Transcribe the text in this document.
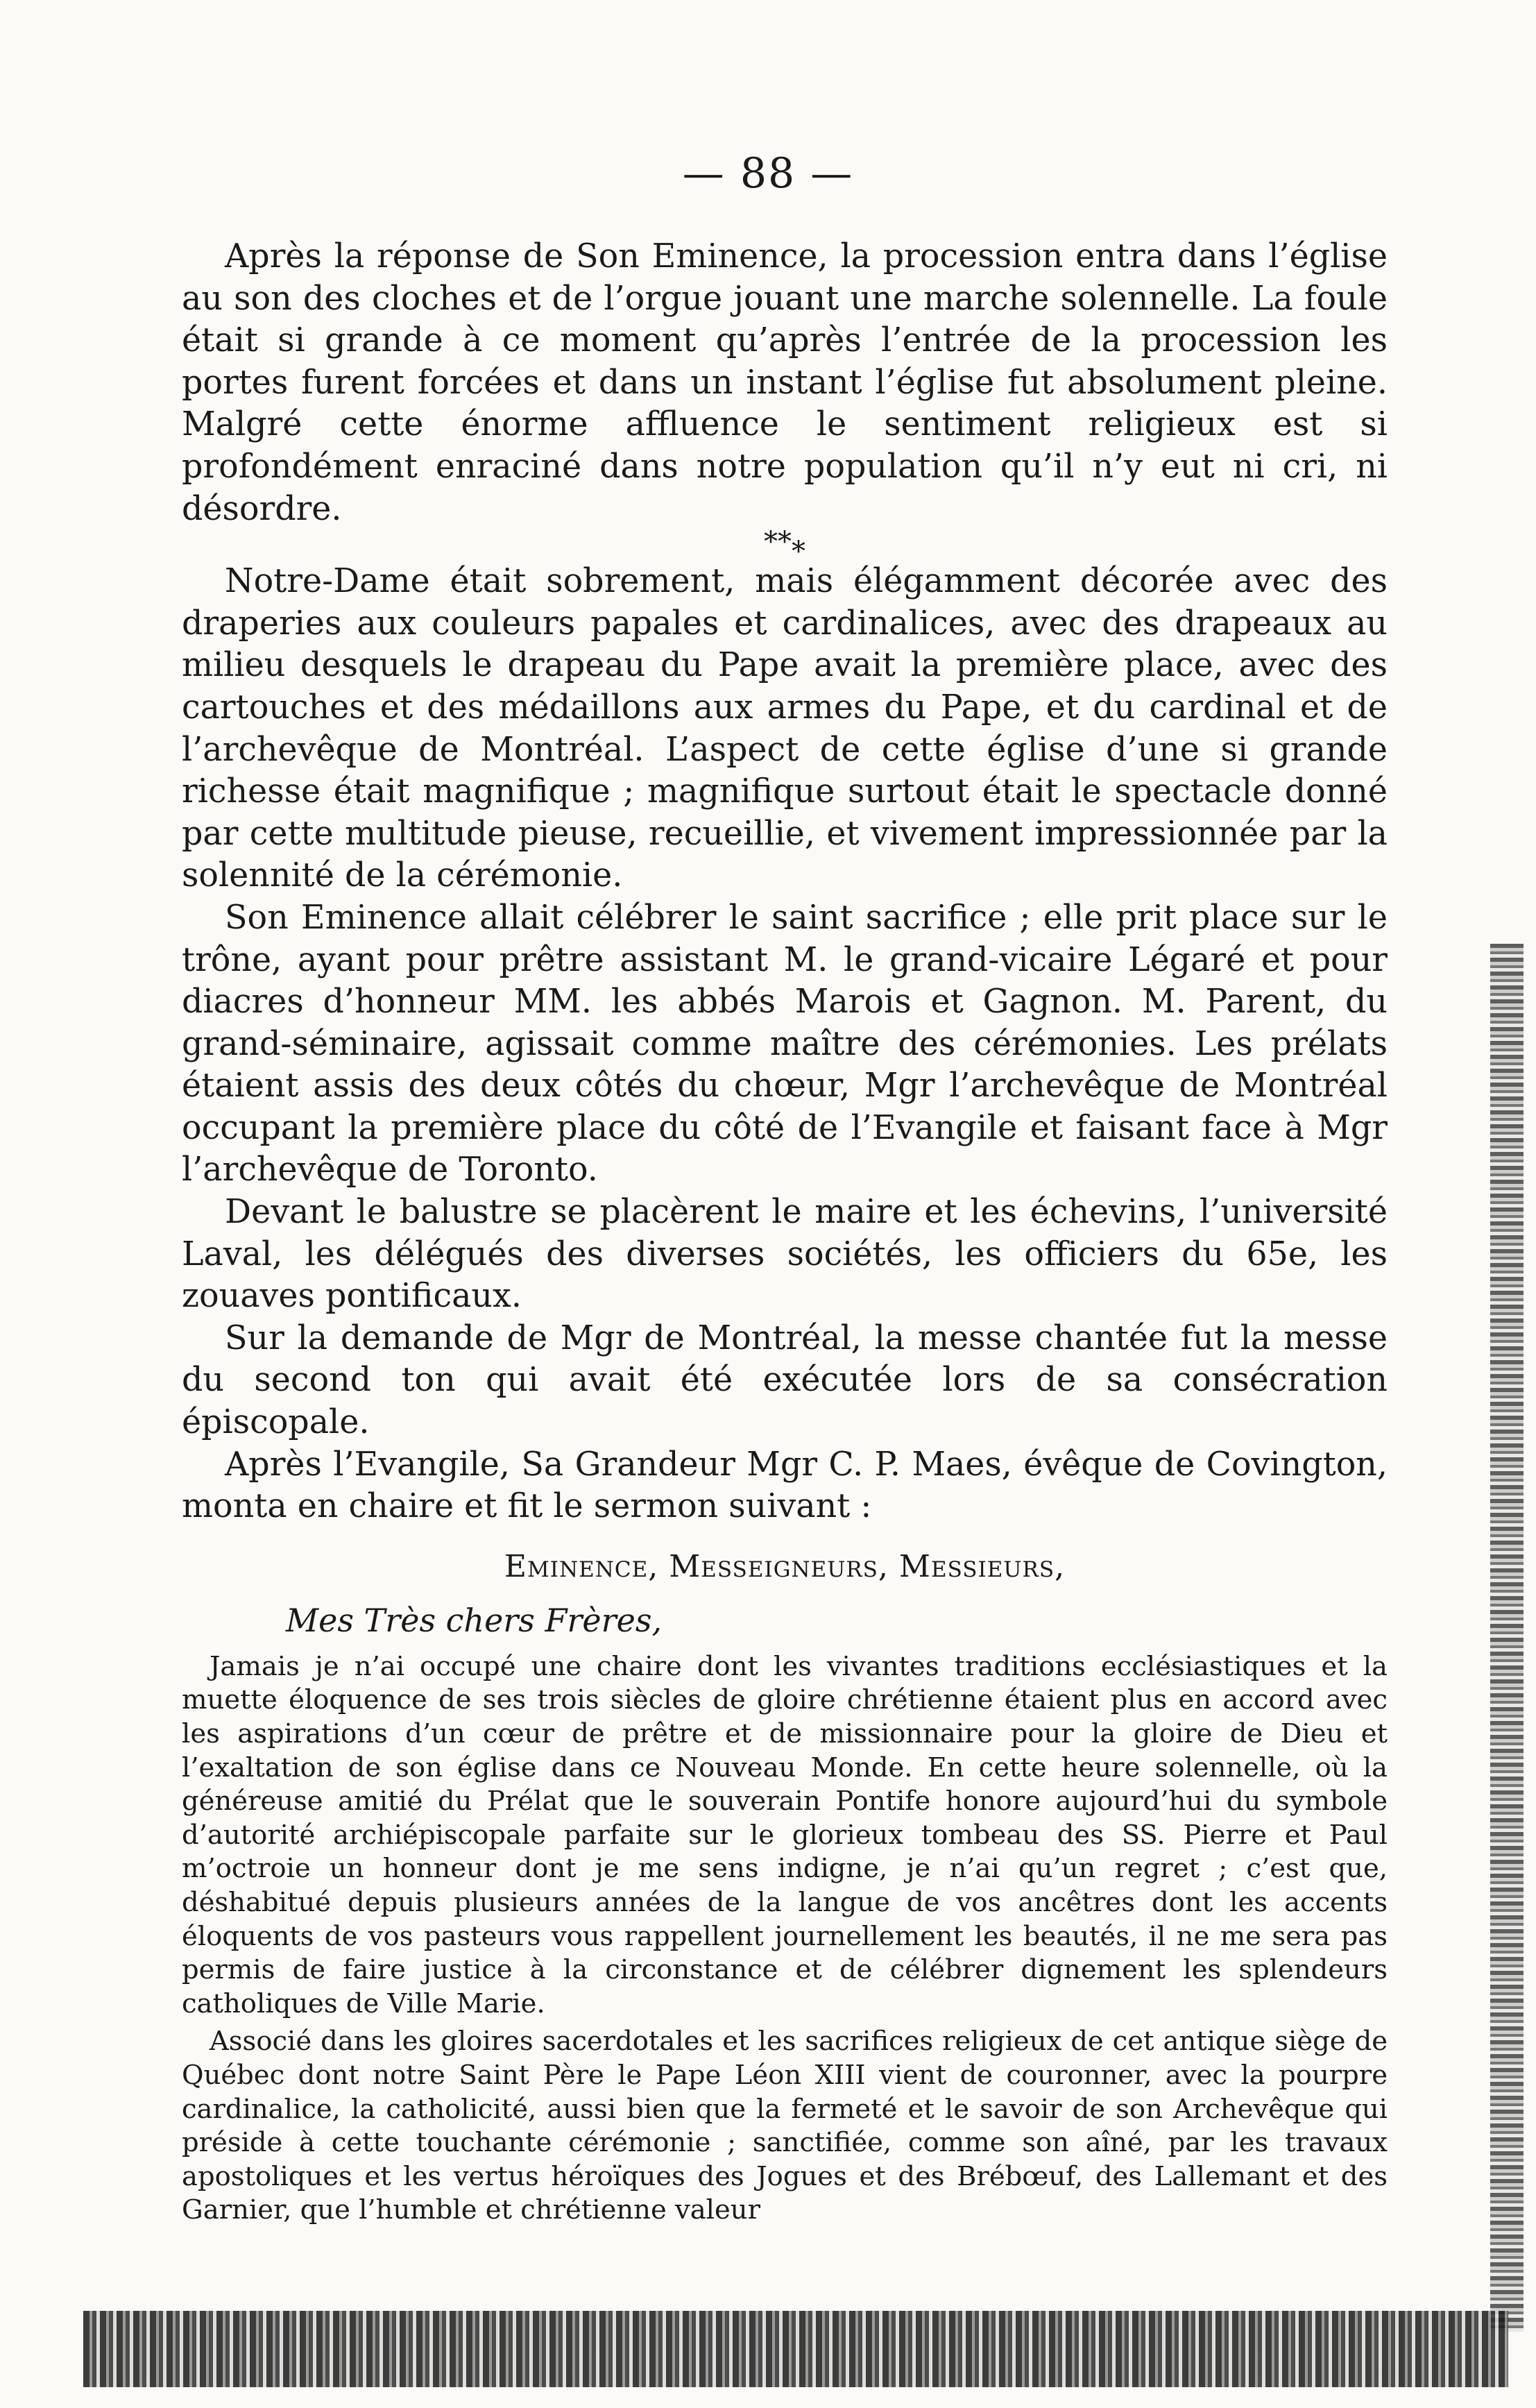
— 88 —

Après la réponse de Son Eminence, la procession entra dans l’église au son des cloches et de l’orgue jouant une marche solennelle. La foule était si grande à ce moment qu’après l’entrée de la procession les portes furent forcées et dans un instant l’église fut absolument pleine. Malgré cette énorme affluence le sentiment religieux est si profondément enraciné dans notre population qu’il n’y eut ni cri, ni désordre.

***

Notre-Dame était sobrement, mais élégamment décorée avec des draperies aux couleurs papales et cardinalices, avec des drapeaux au milieu desquels le drapeau du Pape avait la première place, avec des cartouches et des médaillons aux armes du Pape, et du cardinal et de l’archevêque de Montréal. L’aspect de cette église d’une si grande richesse était magnifique ; magnifique surtout était le spectacle donné par cette multitude pieuse, recueillie, et vivement impressionnée par la solennité de la cérémonie.

Son Eminence allait célébrer le saint sacrifice ; elle prit place sur le trône, ayant pour prêtre assistant M. le grand-vicaire Légaré et pour diacres d’honneur MM. les abbés Marois et Gagnon. M. Parent, du grand-séminaire, agissait comme maître des cérémonies. Les prélats étaient assis des deux côtés du chœur, Mgr l’archevêque de Montréal occupant la première place du côté de l’Evangile et faisant face à Mgr l’archevêque de Toronto.

Devant le balustre se placèrent le maire et les échevins, l’université Laval, les délégués des diverses sociétés, les officiers du 65e, les zouaves pontificaux.

Sur la demande de Mgr de Montréal, la messe chantée fut la messe du second ton qui avait été exécutée lors de sa consécration épiscopale.

Après l’Evangile, Sa Grandeur Mgr C. P. Maes, évêque de Covington, monta en chaire et fit le sermon suivant :

Eminence, Messeigneurs, Messieurs,
Mes Très chers Frères,

Jamais je n’ai occupé une chaire dont les vivantes traditions ecclésiastiques et la muette éloquence de ses trois siècles de gloire chrétienne étaient plus en accord avec les aspirations d’un cœur de prêtre et de missionnaire pour la gloire de Dieu et l’exaltation de son église dans ce Nouveau Monde. En cette heure solennelle, où la généreuse amitié du Prélat que le souverain Pontife honore aujourd’hui du symbole d’autorité archiépiscopale parfaite sur le glorieux tombeau des SS. Pierre et Paul m’octroie un honneur dont je me sens indigne, je n’ai qu’un regret ; c’est que, déshabitué depuis plusieurs années de la langue de vos ancêtres dont les accents éloquents de vos pasteurs vous rappellent journellement les beautés, il ne me sera pas permis de faire justice à la circonstance et de célébrer dignement les splendeurs catholiques de Ville Marie.

Associé dans les gloires sacerdotales et les sacrifices religieux de cet antique siège de Québec dont notre Saint Père le Pape Léon XIII vient de couronner, avec la pourpre cardinalice, la catholicité, aussi bien que la fermeté et le savoir de son Archevêque qui préside à cette touchante cérémonie ; sanctifiée, comme son aîné, par les travaux apostoliques et les vertus héroïques des Jogues et des Brébœuf, des Lallemant et des Garnier, que l’humble et chrétienne valeur
